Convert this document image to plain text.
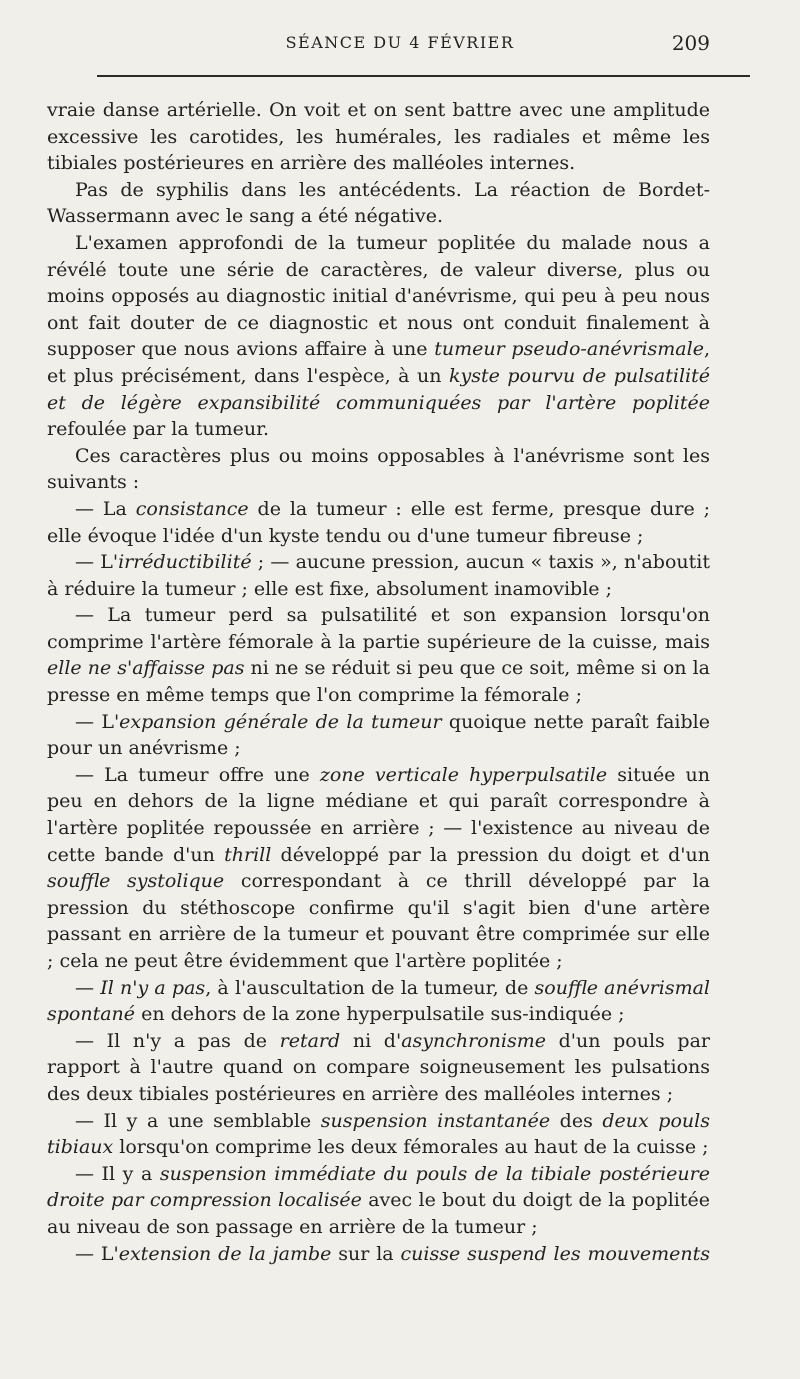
SÉANCE DU 4 FÉVRIER	209

vraie danse artérielle. On voit et on sent battre avec une amplitude excessive les carotides, les humérales, les radiales et même les tibiales postérieures en arrière des malléoles internes.

Pas de syphilis dans les antécédents. La réaction de Bordet-Wassermann avec le sang a été négative.

L'examen approfondi de la tumeur poplitée du malade nous a révélé toute une série de caractères, de valeur diverse, plus ou moins opposés au diagnostic initial d'anévrisme, qui peu à peu nous ont fait douter de ce diagnostic et nous ont conduit finalement à supposer que nous avions affaire à une tumeur pseudo-anévrismale, et plus précisément, dans l'espèce, à un kyste pourvu de pulsatilité et de légère expansibilité communiquées par l'artère poplitée refoulée par la tumeur.

Ces caractères plus ou moins opposables à l'anévrisme sont les suivants :

— La consistance de la tumeur : elle est ferme, presque dure ; elle évoque l'idée d'un kyste tendu ou d'une tumeur fibreuse ;

— L'irréductibilité ; — aucune pression, aucun « taxis », n'aboutit à réduire la tumeur ; elle est fixe, absolument inamovible ;

— La tumeur perd sa pulsatilité et son expansion lorsqu'on comprime l'artère fémorale à la partie supérieure de la cuisse, mais elle ne s'affaisse pas ni ne se réduit si peu que ce soit, même si on la presse en même temps que l'on comprime la fémorale ;

— L'expansion générale de la tumeur quoique nette paraît faible pour un anévrisme ;

— La tumeur offre une zone verticale hyperpulsatile située un peu en dehors de la ligne médiane et qui paraît correspondre à l'artère poplitée repoussée en arrière ; — l'existence au niveau de cette bande d'un thrill développé par la pression du doigt et d'un souffle systolique correspondant à ce thrill développé par la pression du stéthoscope confirme qu'il s'agit bien d'une artère passant en arrière de la tumeur et pouvant être comprimée sur elle ; cela ne peut être évidemment que l'artère poplitée ;

— Il n'y a pas, à l'auscultation de la tumeur, de souffle anévrismal spontané en dehors de la zone hyperpulsatile sus-indiquée ;

— Il n'y a pas de retard ni d'asynchronisme d'un pouls par rapport à l'autre quand on compare soigneusement les pulsations des deux tibiales postérieures en arrière des malléoles internes ;

— Il y a une semblable suspension instantanée des deux pouls tibiaux lorsqu'on comprime les deux fémorales au haut de la cuisse ;

— Il y a suspension immédiate du pouls de la tibiale postérieure droite par compression localisée avec le bout du doigt de la poplitée au niveau de son passage en arrière de la tumeur ;

— L'extension de la jambe sur la cuisse suspend les mouvements
